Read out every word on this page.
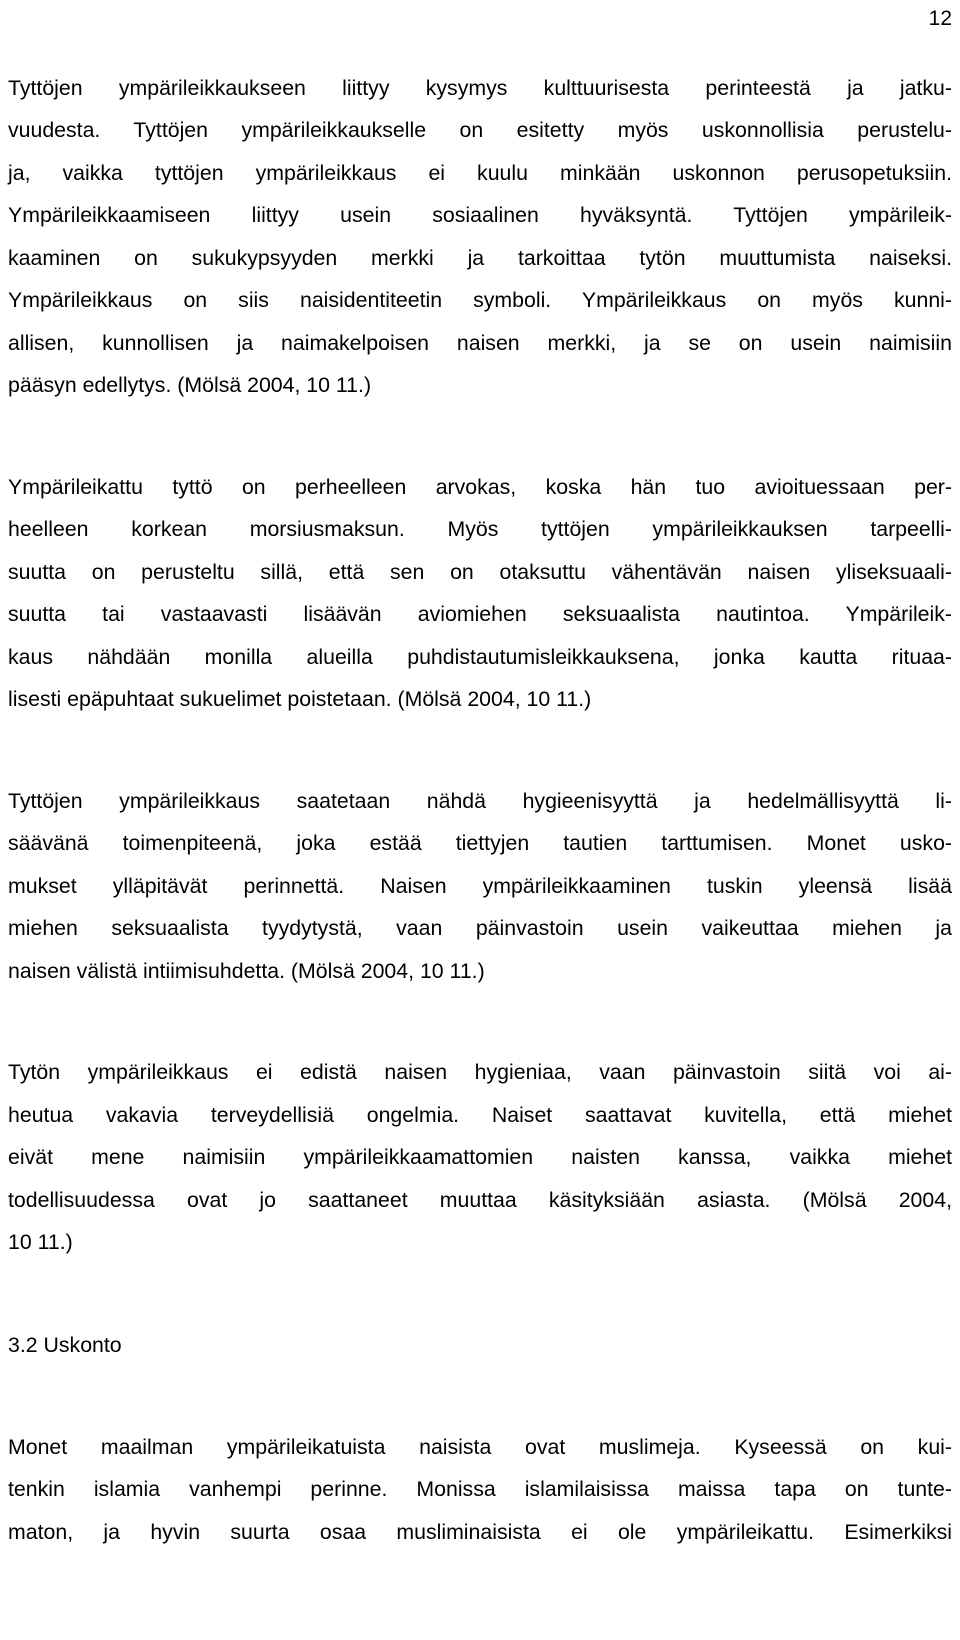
12
Tyttöjen ympärileikkaukseen liittyy kysymys kulttuurisesta perinteestä ja jatku-
vuudesta. Tyttöjen ympärileikkaukselle on esitetty myös uskonnollisia perustelu-
ja, vaikka tyttöjen ympärileikkaus ei kuulu minkään uskonnon perusopetuksiin.
Ympärileikkaamiseen liittyy usein sosiaalinen hyväksyntä. Tyttöjen ympärileik-
kaaminen on sukukypsyyden merkki ja tarkoittaa tytön muuttumista naiseksi.
Ympärileikkaus on siis naisidentiteetin symboli. Ympärileikkaus on myös kunni-
allisen, kunnollisen ja naimakelpoisen naisen merkki, ja se on usein naimisiin
pääsyn edellytys. (Mölsä 2004, 10 11.)
Ympärileikattu tyttö on perheelleen arvokas, koska hän tuo avioituessaan per-
heelleen korkean morsiusmaksun. Myös tyttöjen ympärileikkauksen tarpeelli-
suutta on perusteltu sillä, että sen on otaksuttu vähentävän naisen yliseksuaali-
suutta tai vastaavasti lisäävän aviomiehen seksuaalista nautintoa. Ympärileik-
kaus nähdään monilla alueilla puhdistautumisleikkauksena, jonka kautta rituaa-
lisesti epäpuhtaat sukuelimet poistetaan. (Mölsä 2004, 10 11.)
Tyttöjen ympärileikkaus saatetaan nähdä hygieenisyyttä ja hedelmällisyyttä li-
säävänä toimenpiteenä, joka estää tiettyjen tautien tarttumisen. Monet usko-
mukset ylläpitävät perinnettä. Naisen ympärileikkaaminen tuskin yleensä lisää
miehen seksuaalista tyydytystä, vaan päinvastoin usein vaikeuttaa miehen ja
naisen välistä intiimisuhdetta. (Mölsä 2004, 10 11.)
Tytön ympärileikkaus ei edistä naisen hygieniaa, vaan päinvastoin siitä voi ai-
heutua vakavia terveydellisiä ongelmia. Naiset saattavat kuvitella, että miehet
eivät mene naimisiin ympärileikkaamattomien naisten kanssa, vaikka miehet
todellisuudessa ovat jo saattaneet muuttaa käsityksiään asiasta. (Mölsä 2004,
10 11.)
3.2 Uskonto
Monet maailman ympärileikatuista naisista ovat muslimeja. Kyseessä on kui-
tenkin islamia vanhempi perinne. Monissa islamilaisissa maissa tapa on tunte-
maton, ja hyvin suurta osaa musliminaisista ei ole ympärileikattu. Esimerkiksi
